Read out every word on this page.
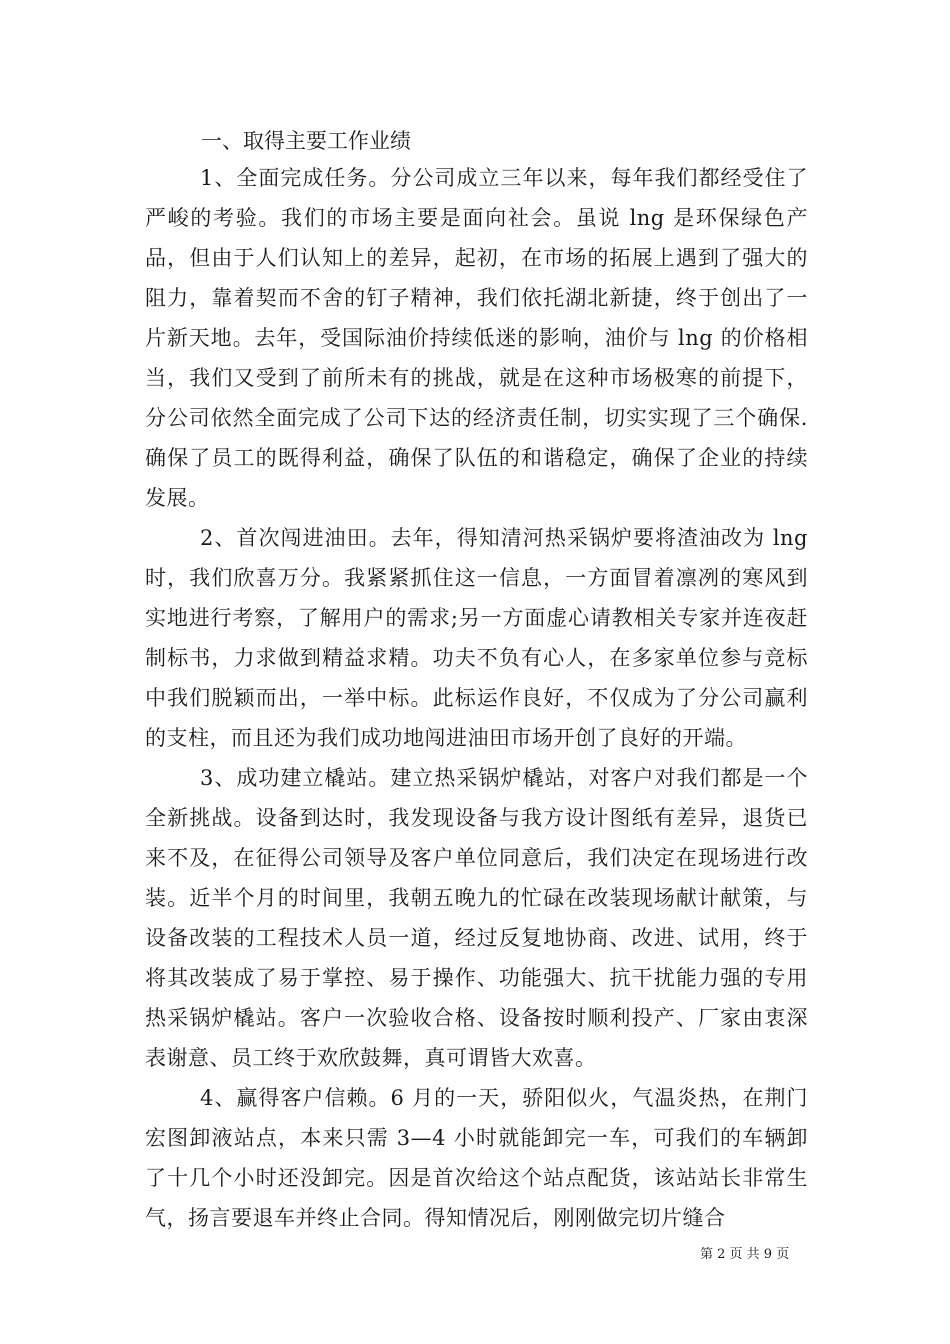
一、取得主要工作业绩

1、全面完成任务。分公司成立三年以来，每年我们都经受住了严峻的考验。我们的市场主要是面向社会。虽说 lng 是环保绿色产品，但由于人们认知上的差异，起初，在市场的拓展上遇到了强大的阻力，靠着契而不舍的钉子精神，我们依托湖北新捷，终于创出了一片新天地。去年，受国际油价持续低迷的影响，油价与 lng 的价格相当，我们又受到了前所未有的挑战，就是在这种市场极寒的前提下，分公司依然全面完成了公司下达的经济责任制，切实实现了三个确保.确保了员工的既得利益，确保了队伍的和谐稳定，确保了企业的持续发展。

2、首次闯进油田。去年，得知清河热采锅炉要将渣油改为 lng 时，我们欣喜万分。我紧紧抓住这一信息，一方面冒着凛冽的寒风到实地进行考察，了解用户的需求;另一方面虚心请教相关专家并连夜赶制标书，力求做到精益求精。功夫不负有心人，在多家单位参与竞标中我们脱颖而出，一举中标。此标运作良好，不仅成为了分公司赢利的支柱，而且还为我们成功地闯进油田市场开创了良好的开端。

3、成功建立橇站。建立热采锅炉橇站，对客户对我们都是一个全新挑战。设备到达时，我发现设备与我方设计图纸有差异，退货已来不及，在征得公司领导及客户单位同意后，我们决定在现场进行改装。近半个月的时间里，我朝五晚九的忙碌在改装现场献计献策，与设备改装的工程技术人员一道，经过反复地协商、改进、试用，终于将其改装成了易于掌控、易于操作、功能强大、抗干扰能力强的专用热采锅炉橇站。客户一次验收合格、设备按时顺利投产、厂家由衷深表谢意、员工终于欢欣鼓舞，真可谓皆大欢喜。

4、赢得客户信赖。6 月的一天，骄阳似火，气温炎热，在荆门宏图卸液站点，本来只需 3—4 小时就能卸完一车，可我们的车辆卸了十几个小时还没卸完。因是首次给这个站点配货，该站站长非常生气，扬言要退车并终止合同。得知情况后，刚刚做完切片缝合

第 2 页 共 9 页
